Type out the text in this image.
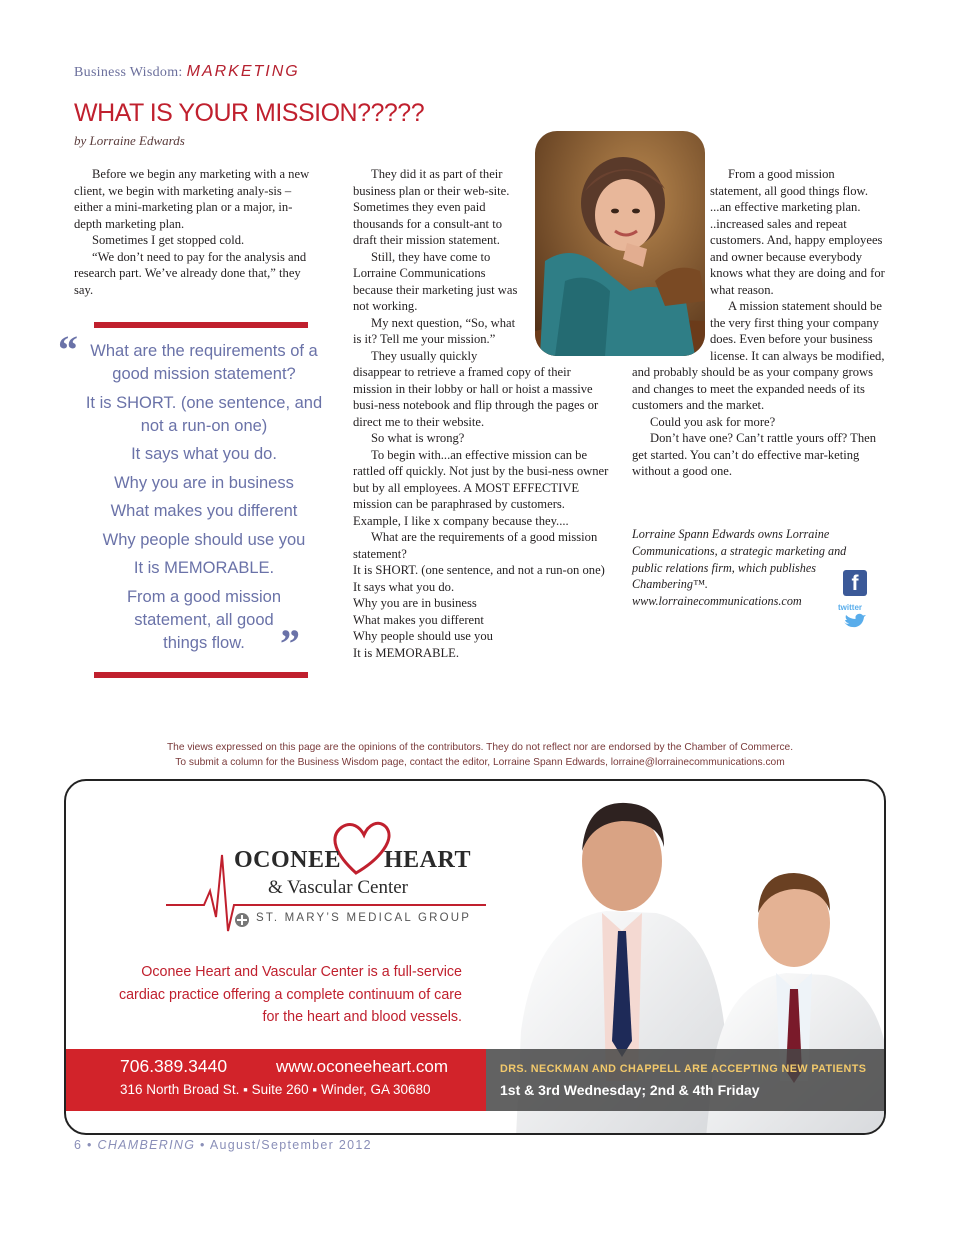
Business Wisdom: MARKETING
WHAT IS YOUR MISSION?????
by Lorraine Edwards

Before we begin any marketing with a new client, we begin with marketing analy-sis –either a mini-marketing plan or a major, in-depth marketing plan.

Sometimes I get stopped cold.

“We don’t need to pay for the analysis and research part. We’ve already done that,” they say.

“ What are the requirements of a good mission statement?

It is SHORT. (one sentence, and not a run-on one)

It says what you do.

Why you are in business

What makes you different

Why people should use you

It is MEMORABLE.

From a good mission statement, all good things flow. ”

They did it as part of their business plan or their web-site. Sometimes they even paid thousands for a consult-ant to draft their mission statement.

Still, they have come to Lorraine Communications because their marketing just was not working.

My next question, “So, what is it? Tell me your mission.”

They usually quickly disappear to retrieve a framed copy of their mission in their lobby or hall or hoist a massive busi-ness notebook and flip through the pages or direct me to their website.

So what is wrong?

To begin with...an effective mission can be rattled off quickly. Not just by the busi-ness owner but by all employees. A MOST EFFECTIVE mission can be paraphrased by customers. Example, I like x company because they....

What are the requirements of a good mission statement?

It is SHORT. (one sentence, and not a run-on one)

It says what you do.

Why you are in business

What makes you different

Why people should use you

It is MEMORABLE.

From a good mission statement, all good things flow. ...an effective marketing plan. ..increased sales and repeat customers. And, happy employees and owner because everybody knows what they are doing and for what reason.

A mission statement should be the very first thing your company does. Even before your business license. It can always be modified, and probably should be as your company grows and changes to meet the expanded needs of its customers and the market.

Could you ask for more?

Don’t have one? Can’t rattle yours off? Then get started. You can’t do effective mar-keting without a good one.

Lorraine Spann Edwards owns Lorraine Communications, a strategic marketing and public relations firm, which publishes Chambering™. www.lorrainecommunications.com
f
twitter
The views expressed on this page are the opinions of the contributors. They do not reflect nor are endorsed by the Chamber of Commerce.
To submit a column for the Business Wisdom page, contact the editor, Lorraine Spann Edwards, lorraine@lorrainecommunications.com
OCONEE HEART
& Vascular Center
ST. MARY’S MEDICAL GROUP
Oconee Heart and Vascular Center is a full-service cardiac practice offering a complete continuum of care for the heart and blood vessels.
706.389.3440	www.oconeeheart.com
316 North Broad St. ▪ Suite 260 ▪ Winder, GA 30680
DRS. NECKMAN AND CHAPPELL ARE ACCEPTING NEW PATIENTS
1st & 3rd Wednesday; 2nd & 4th Friday
6 • CHAMBERING • August/September 2012
